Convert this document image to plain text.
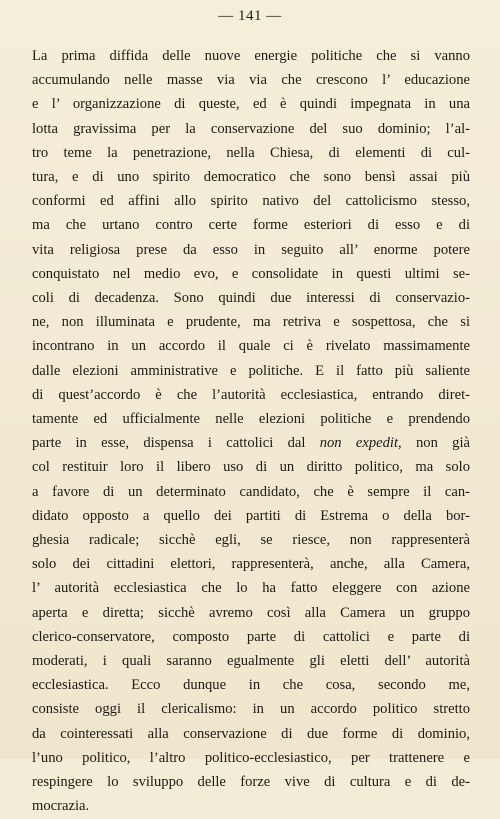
— 141 —
La prima diffida delle nuove energie politiche che si vanno
accumulando nelle masse via via che crescono l’ educazione
e l’ organizzazione di queste, ed è quindi impegnata in una
lotta gravissima per la conservazione del suo dominio; l’al-
tro teme la penetrazione, nella Chiesa, di elementi di cul-
tura, e di uno spirito democratico che sono bensì assai più
conformi ed affini allo spirito nativo del cattolicismo stesso,
ma che urtano contro certe forme esteriori di esso e di
vita religiosa prese da esso in seguito all’ enorme potere
conquistato nel medio evo, e consolidate in questi ultimi se-
coli di decadenza. Sono quindi due interessi di conservazio-
ne, non illuminata e prudente, ma retriva e sospettosa, che si
incontrano in un accordo il quale ci è rivelato massimamente
dalle elezioni amministrative e politiche. E il fatto più saliente
di quest’accordo è che l’autorità ecclesiastica, entrando diret-
tamente ed ufficialmente nelle elezioni politiche e prendendo
parte in esse, dispensa i cattolici dal non expedit, non già
col restituir loro il libero uso di un diritto politico, ma solo
a favore di un determinato candidato, che è sempre il can-
didato opposto a quello dei partiti di Estrema o della bor-
ghesia radicale; sicchè egli, se riesce, non rappresenterà
solo dei cittadini elettori, rappresenterà, anche, alla Camera,
l’ autorità ecclesiastica che lo ha fatto eleggere con azione
aperta e diretta; sicchè avremo così alla Camera un gruppo
clerico-conservatore, composto parte di cattolici e parte di
moderati, i quali saranno egualmente gli eletti dell’ autorità
ecclesiastica. Ecco dunque in che cosa, secondo me,
consiste oggi il clericalismo: in un accordo politico stretto
da cointeressati alla conservazione di due forme di dominio,
l’uno politico, l’altro politico-ecclesiastico, per trattenere e
respingere lo sviluppo delle forze vive di cultura e di de-
mocrazia.
